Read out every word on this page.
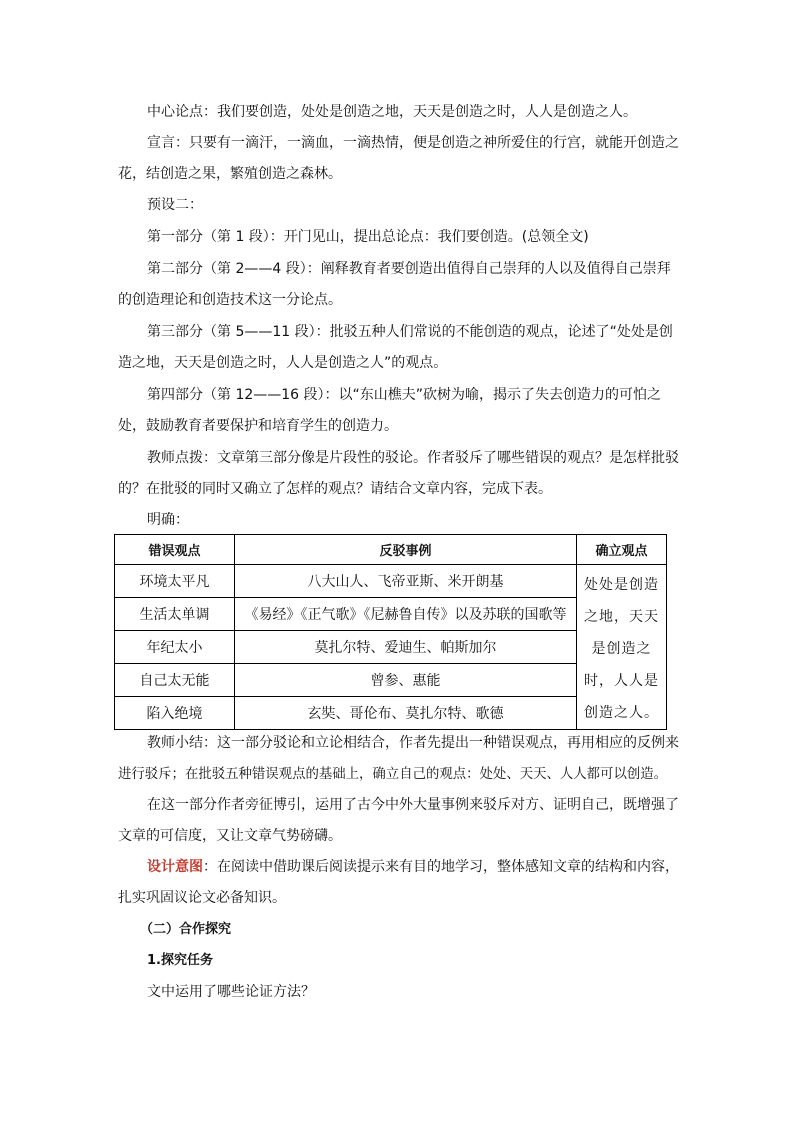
中心论点：我们要创造，处处是创造之地，天天是创造之时，人人是创造之人。
宣言：只要有一滴汗，一滴血，一滴热情，便是创造之神所爱住的行宫，就能开创造之
花，结创造之果，繁殖创造之森林。
预设二：
第一部分（第 1 段）：开门见山，提出总论点：我们要创造。(总领全文)
第二部分（第 2——4 段）：阐释教育者要创造出值得自己崇拜的人以及值得自己崇拜
的创造理论和创造技术这一分论点。
第三部分（第 5——11 段）：批驳五种人们常说的不能创造的观点，论述了“处处是创
造之地，天天是创造之时，人人是创造之人”的观点。
第四部分（第 12——16 段）：以“东山樵夫”砍树为喻，揭示了失去创造力的可怕之
处，鼓励教育者要保护和培育学生的创造力。
教师点拨：文章第三部分像是片段性的驳论。作者驳斥了哪些错误的观点？是怎样批驳
的？在批驳的同时又确立了怎样的观点？请结合文章内容，完成下表。
明确：
错误观点	反驳事例	确立观点
环境太平凡	八大山人、飞帝亚斯、米开朗基	处处是创造之地，天天是创造之时，人人是创造之人。
生活太单调	《易经》《正气歌》《尼赫鲁自传》以及苏联的国歌等	
年纪太小	莫扎尔特、爱迪生、帕斯加尔	
自己太无能	曾参、惠能	
陷入绝境	玄奘、哥伦布、莫扎尔特、歌德	
教师小结：这一部分驳论和立论相结合，作者先提出一种错误观点，再用相应的反例来
进行驳斥；在批驳五种错误观点的基础上，确立自己的观点：处处、天天、人人都可以创造。
在这一部分作者旁征博引，运用了古今中外大量事例来驳斥对方、证明自己，既增强了
文章的可信度，又让文章气势磅礴。
设计意图：在阅读中借助课后阅读提示来有目的地学习，整体感知文章的结构和内容，
扎实巩固议论文必备知识。
（二）合作探究
1.探究任务
文中运用了哪些论证方法？
